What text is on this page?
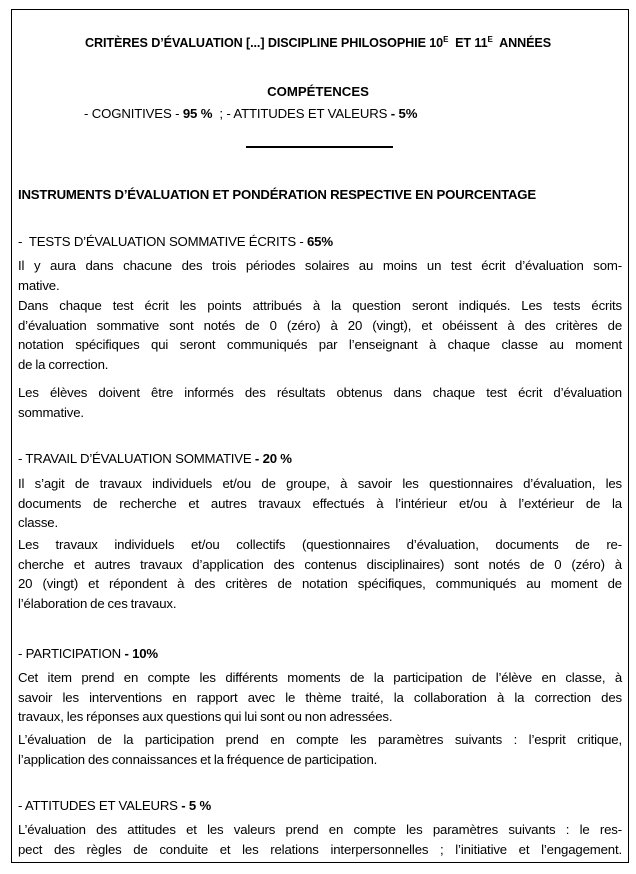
CRITÈRES D’ÉVALUATION [...] DISCIPLINE PHILOSOPHIE $10^E$  ET $11^E$  ANNÉES
COMPÉTENCES
- COGNITIVES - 95 %  ; - ATTITUDES ET VALEURS - 5%
INSTRUMENTS D’ÉVALUATION ET PONDÉRATION RESPECTIVE EN POURCENTAGE
-  TESTS D’ÉVALUATION SOMMATIVE ÉCRITS - 65%
Il y aura dans chacune des trois périodes solaires au moins un test écrit d’évaluation som-
mative.
Dans chaque test écrit les points attribués à la question seront indiqués. Les tests écrits
d’évaluation sommative sont notés de 0 (zéro) à 20 (vingt), et obéissent à des critères de
notation spécifiques qui seront communiqués par l’enseignant à chaque classe au moment
de la correction.
Les élèves doivent être informés des résultats obtenus dans chaque test écrit d’évaluation
sommative.
- TRAVAIL D’ÉVALUATION SOMMATIVE - 20 %
Il s’agit de travaux individuels et/ou de groupe, à savoir les questionnaires d’évaluation, les
documents de recherche et autres travaux effectués à l’intérieur et/ou à l’extérieur de la
classe.
Les travaux individuels et/ou collectifs (questionnaires d’évaluation, documents de re-
cherche et autres travaux d’application des contenus disciplinaires) sont notés de 0 (zéro) à
20 (vingt) et répondent à des critères de notation spécifiques, communiqués au moment de
l’élaboration de ces travaux.
- PARTICIPATION - 10%
Cet item prend en compte les différents moments de la participation de l’élève en classe, à
savoir les interventions en rapport avec le thème traité, la collaboration à la correction des
travaux, les réponses aux questions qui lui sont ou non adressées.
L’évaluation de la participation prend en compte les paramètres suivants : l’esprit critique,
l’application des connaissances et la fréquence de participation.
- ATTITUDES ET VALEURS - 5 %
L’évaluation des attitudes et les valeurs prend en compte les paramètres suivants : le res-
pect des règles de conduite et les relations interpersonnelles ; l’initiative et l’engagement.
